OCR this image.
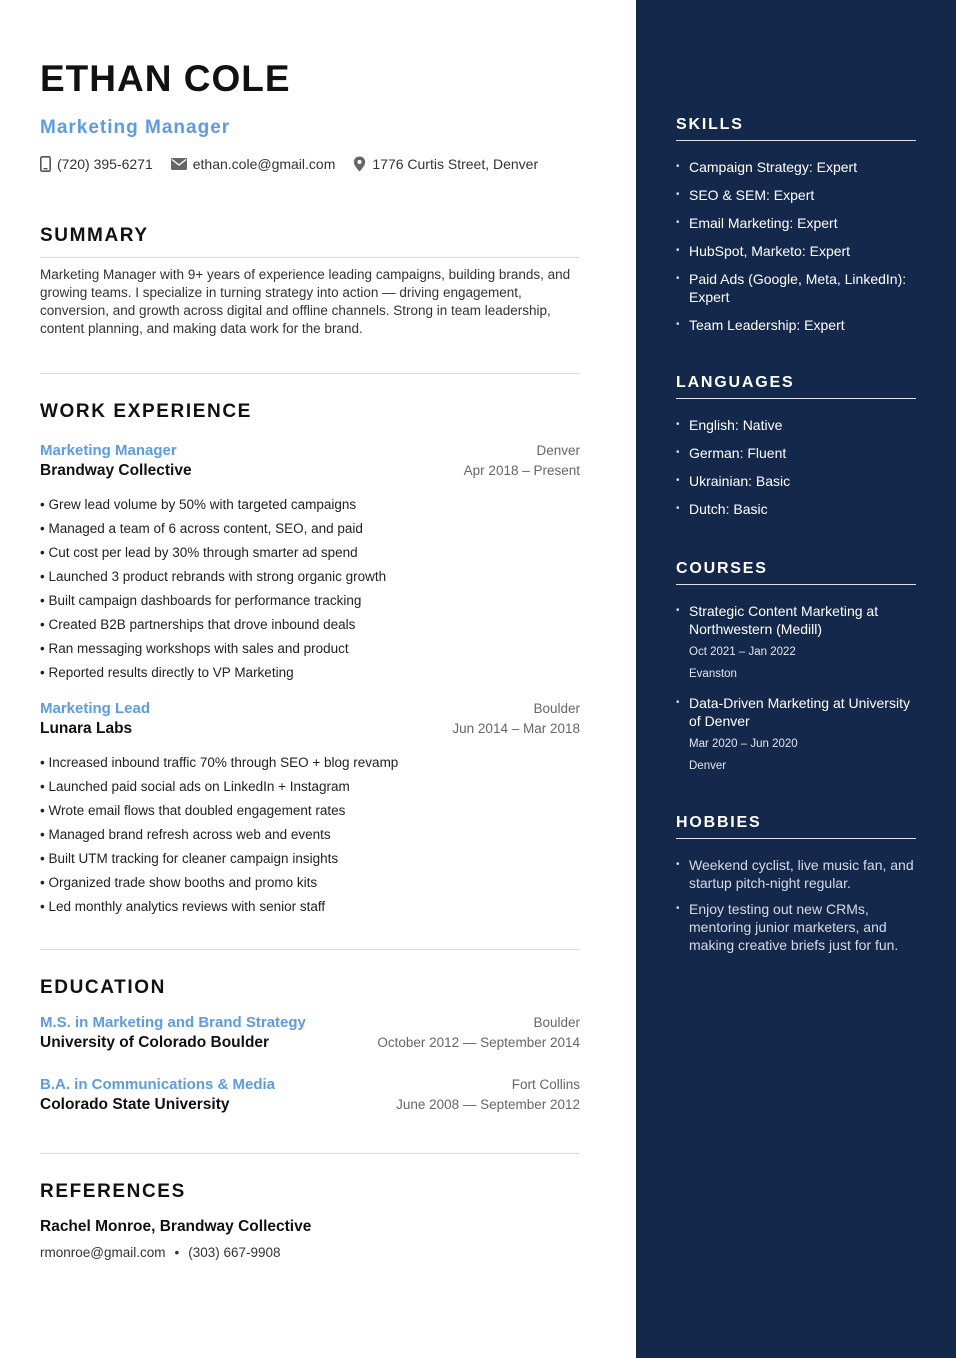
ETHAN COLE
Marketing Manager
(720) 395-6271	ethan.cole@gmail.com	1776 Curtis Street, Denver
SUMMARY
Marketing Manager with 9+ years of experience leading campaigns, building brands, and growing teams. I specialize in turning strategy into action — driving engagement, conversion, and growth across digital and offline channels. Strong in team leadership, content planning, and making data work for the brand.
WORK EXPERIENCE
Marketing Manager
Brandway Collective
Denver
Apr 2018 – Present
• Grew lead volume by 50% with targeted campaigns
• Managed a team of 6 across content, SEO, and paid
• Cut cost per lead by 30% through smarter ad spend
• Launched 3 product rebrands with strong organic growth
• Built campaign dashboards for performance tracking
• Created B2B partnerships that drove inbound deals
• Ran messaging workshops with sales and product
• Reported results directly to VP Marketing
Marketing Lead
Lunara Labs
Boulder
Jun 2014 – Mar 2018
• Increased inbound traffic 70% through SEO + blog revamp
• Launched paid social ads on LinkedIn + Instagram
• Wrote email flows that doubled engagement rates
• Managed brand refresh across web and events
• Built UTM tracking for cleaner campaign insights
• Organized trade show booths and promo kits
• Led monthly analytics reviews with senior staff
EDUCATION
M.S. in Marketing and Brand Strategy
University of Colorado Boulder
Boulder
October 2012 — September 2014
B.A. in Communications & Media
Colorado State University
Fort Collins
June 2008 — September 2012
REFERENCES
Rachel Monroe, Brandway Collective
rmonroe@gmail.com • (303) 667-9908
SKILLS
• Campaign Strategy: Expert
• SEO & SEM: Expert
• Email Marketing: Expert
• HubSpot, Marketo: Expert
• Paid Ads (Google, Meta, LinkedIn): Expert
• Team Leadership: Expert
LANGUAGES
• English: Native
• German: Fluent
• Ukrainian: Basic
• Dutch: Basic
COURSES
• Strategic Content Marketing at Northwestern (Medill)
Oct 2021 – Jan 2022
Evanston
• Data-Driven Marketing at University of Denver
Mar 2020 – Jun 2020
Denver
HOBBIES
• Weekend cyclist, live music fan, and startup pitch-night regular.
• Enjoy testing out new CRMs, mentoring junior marketers, and making creative briefs just for fun.
